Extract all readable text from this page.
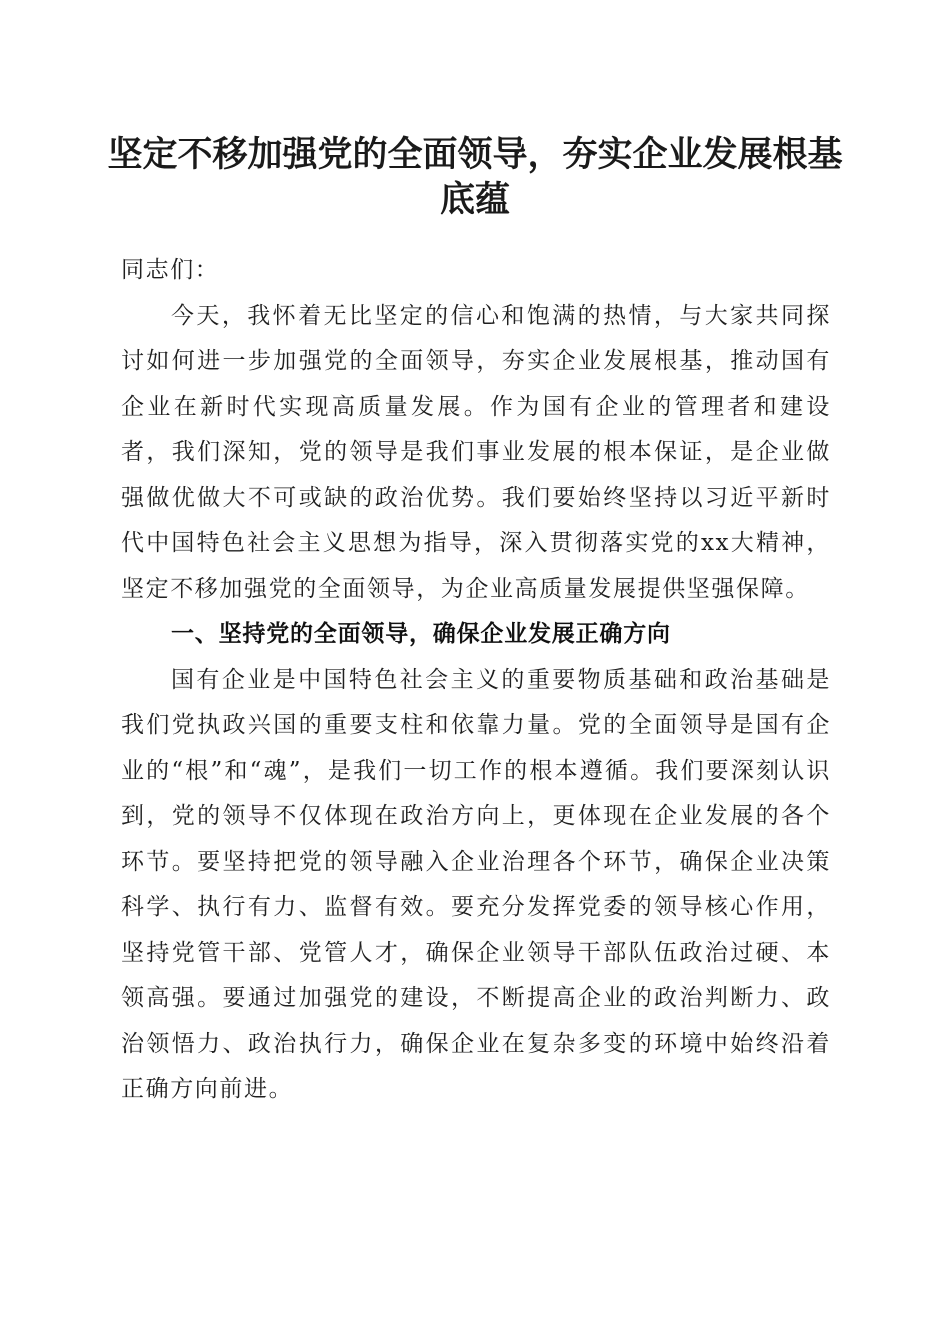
坚定不移加强党的全面领导，夯实企业发展根基底蕴

同志们：

今天，我怀着无比坚定的信心和饱满的热情，与大家共同探讨如何进一步加强党的全面领导，夯实企业发展根基，推动国有企业在新时代实现高质量发展。作为国有企业的管理者和建设者，我们深知，党的领导是我们事业发展的根本保证，是企业做强做优做大不可或缺的政治优势。我们要始终坚持以习近平新时代中国特色社会主义思想为指导，深入贯彻落实党的xx大精神，坚定不移加强党的全面领导，为企业高质量发展提供坚强保障。

一、坚持党的全面领导，确保企业发展正确方向

国有企业是中国特色社会主义的重要物质基础和政治基础是我们党执政兴国的重要支柱和依靠力量。党的全面领导是国有企业的“根”和“魂”，是我们一切工作的根本遵循。我们要深刻认识到，党的领导不仅体现在政治方向上，更体现在企业发展的各个环节。要坚持把党的领导融入企业治理各个环节，确保企业决策科学、执行有力、监督有效。要充分发挥党委的领导核心作用，坚持党管干部、党管人才，确保企业领导干部队伍政治过硬、本领高强。要通过加强党的建设，不断提高企业的政治判断力、政治领悟力、政治执行力，确保企业在复杂多变的环境中始终沿着正确方向前进。
